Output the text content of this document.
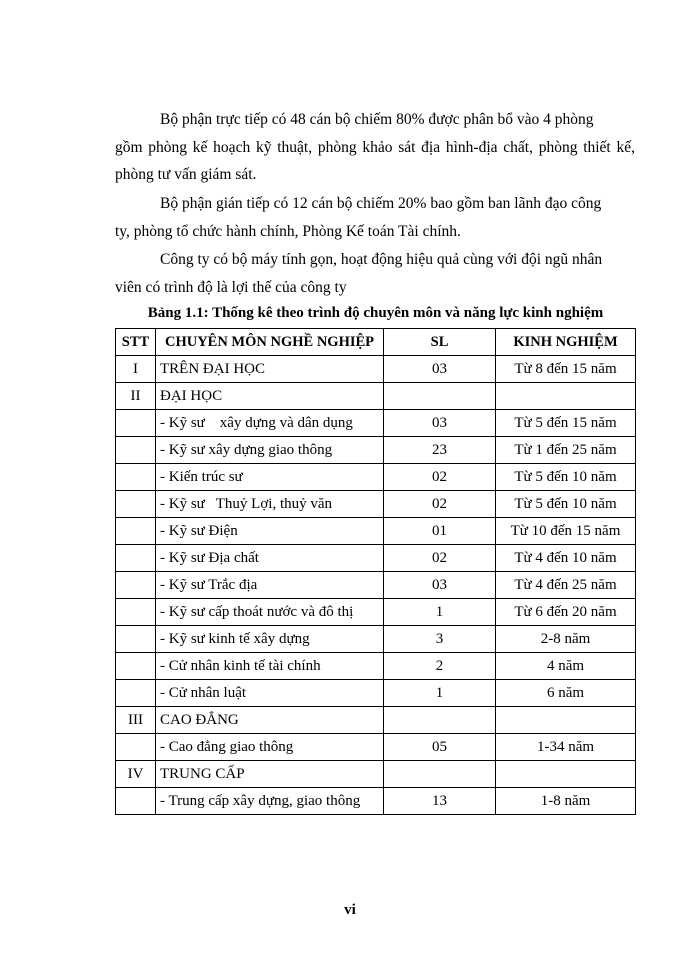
Bộ phận trực tiếp có 48 cán bộ chiếm 80% được phân bổ vào 4 phòng
gồm phòng kế hoạch kỹ thuật, phòng khảo sát địa hình-địa chất, phòng thiết kế, phòng tư vấn giám sát.

Bộ phận gián tiếp có 12 cán bộ chiếm 20% bao gồm ban lãnh đạo công
ty, phòng tổ chức hành chính, Phòng Kế toán Tài chính.

Công ty có bộ máy tính gọn, hoạt động hiệu quả cùng với đội ngũ nhân
viên có trình độ là lợi thế của công ty

Bảng 1.1: Thống kê theo trình độ chuyên môn và năng lực kinh nghiệm

STT	CHUYÊN MÔN NGHỀ NGHIỆP	SL	KINH NGHIỆM
I	TRÊN ĐẠI HỌC	03	Từ 8 đến 15 năm
II	ĐẠI HỌC		
	- Kỹ sư    xây dựng và dân dụng	03	Từ 5 đến 15 năm
	- Kỹ sư xây dựng giao thông	23	Từ 1 đến 25 năm
	- Kiến trúc sư	02	Từ 5 đến 10 năm
	- Kỹ sư   Thuỷ Lợi, thuỷ văn	02	Từ 5 đến 10 năm
	- Kỹ sư Điện	01	Từ 10 đến 15 năm
	- Kỹ sư Địa chất	02	Từ 4 đến 10 năm
	- Kỹ sư Trắc địa	03	Từ 4 đến 25 năm
	- Kỹ sư cấp thoát nước và đô thị	1	Từ 6 đến 20 năm
	- Kỹ sư kinh tế xây dựng	3	2-8 năm
	- Cử nhân kinh tế tài chính	2	4 năm
	- Cử nhân luật	1	6 năm
III	CAO ĐẲNG		
	- Cao đẳng giao thông	05	1-34 năm
IV	TRUNG CẤP		
	- Trung cấp xây dựng, giao thông	13	1-8 năm
vi
